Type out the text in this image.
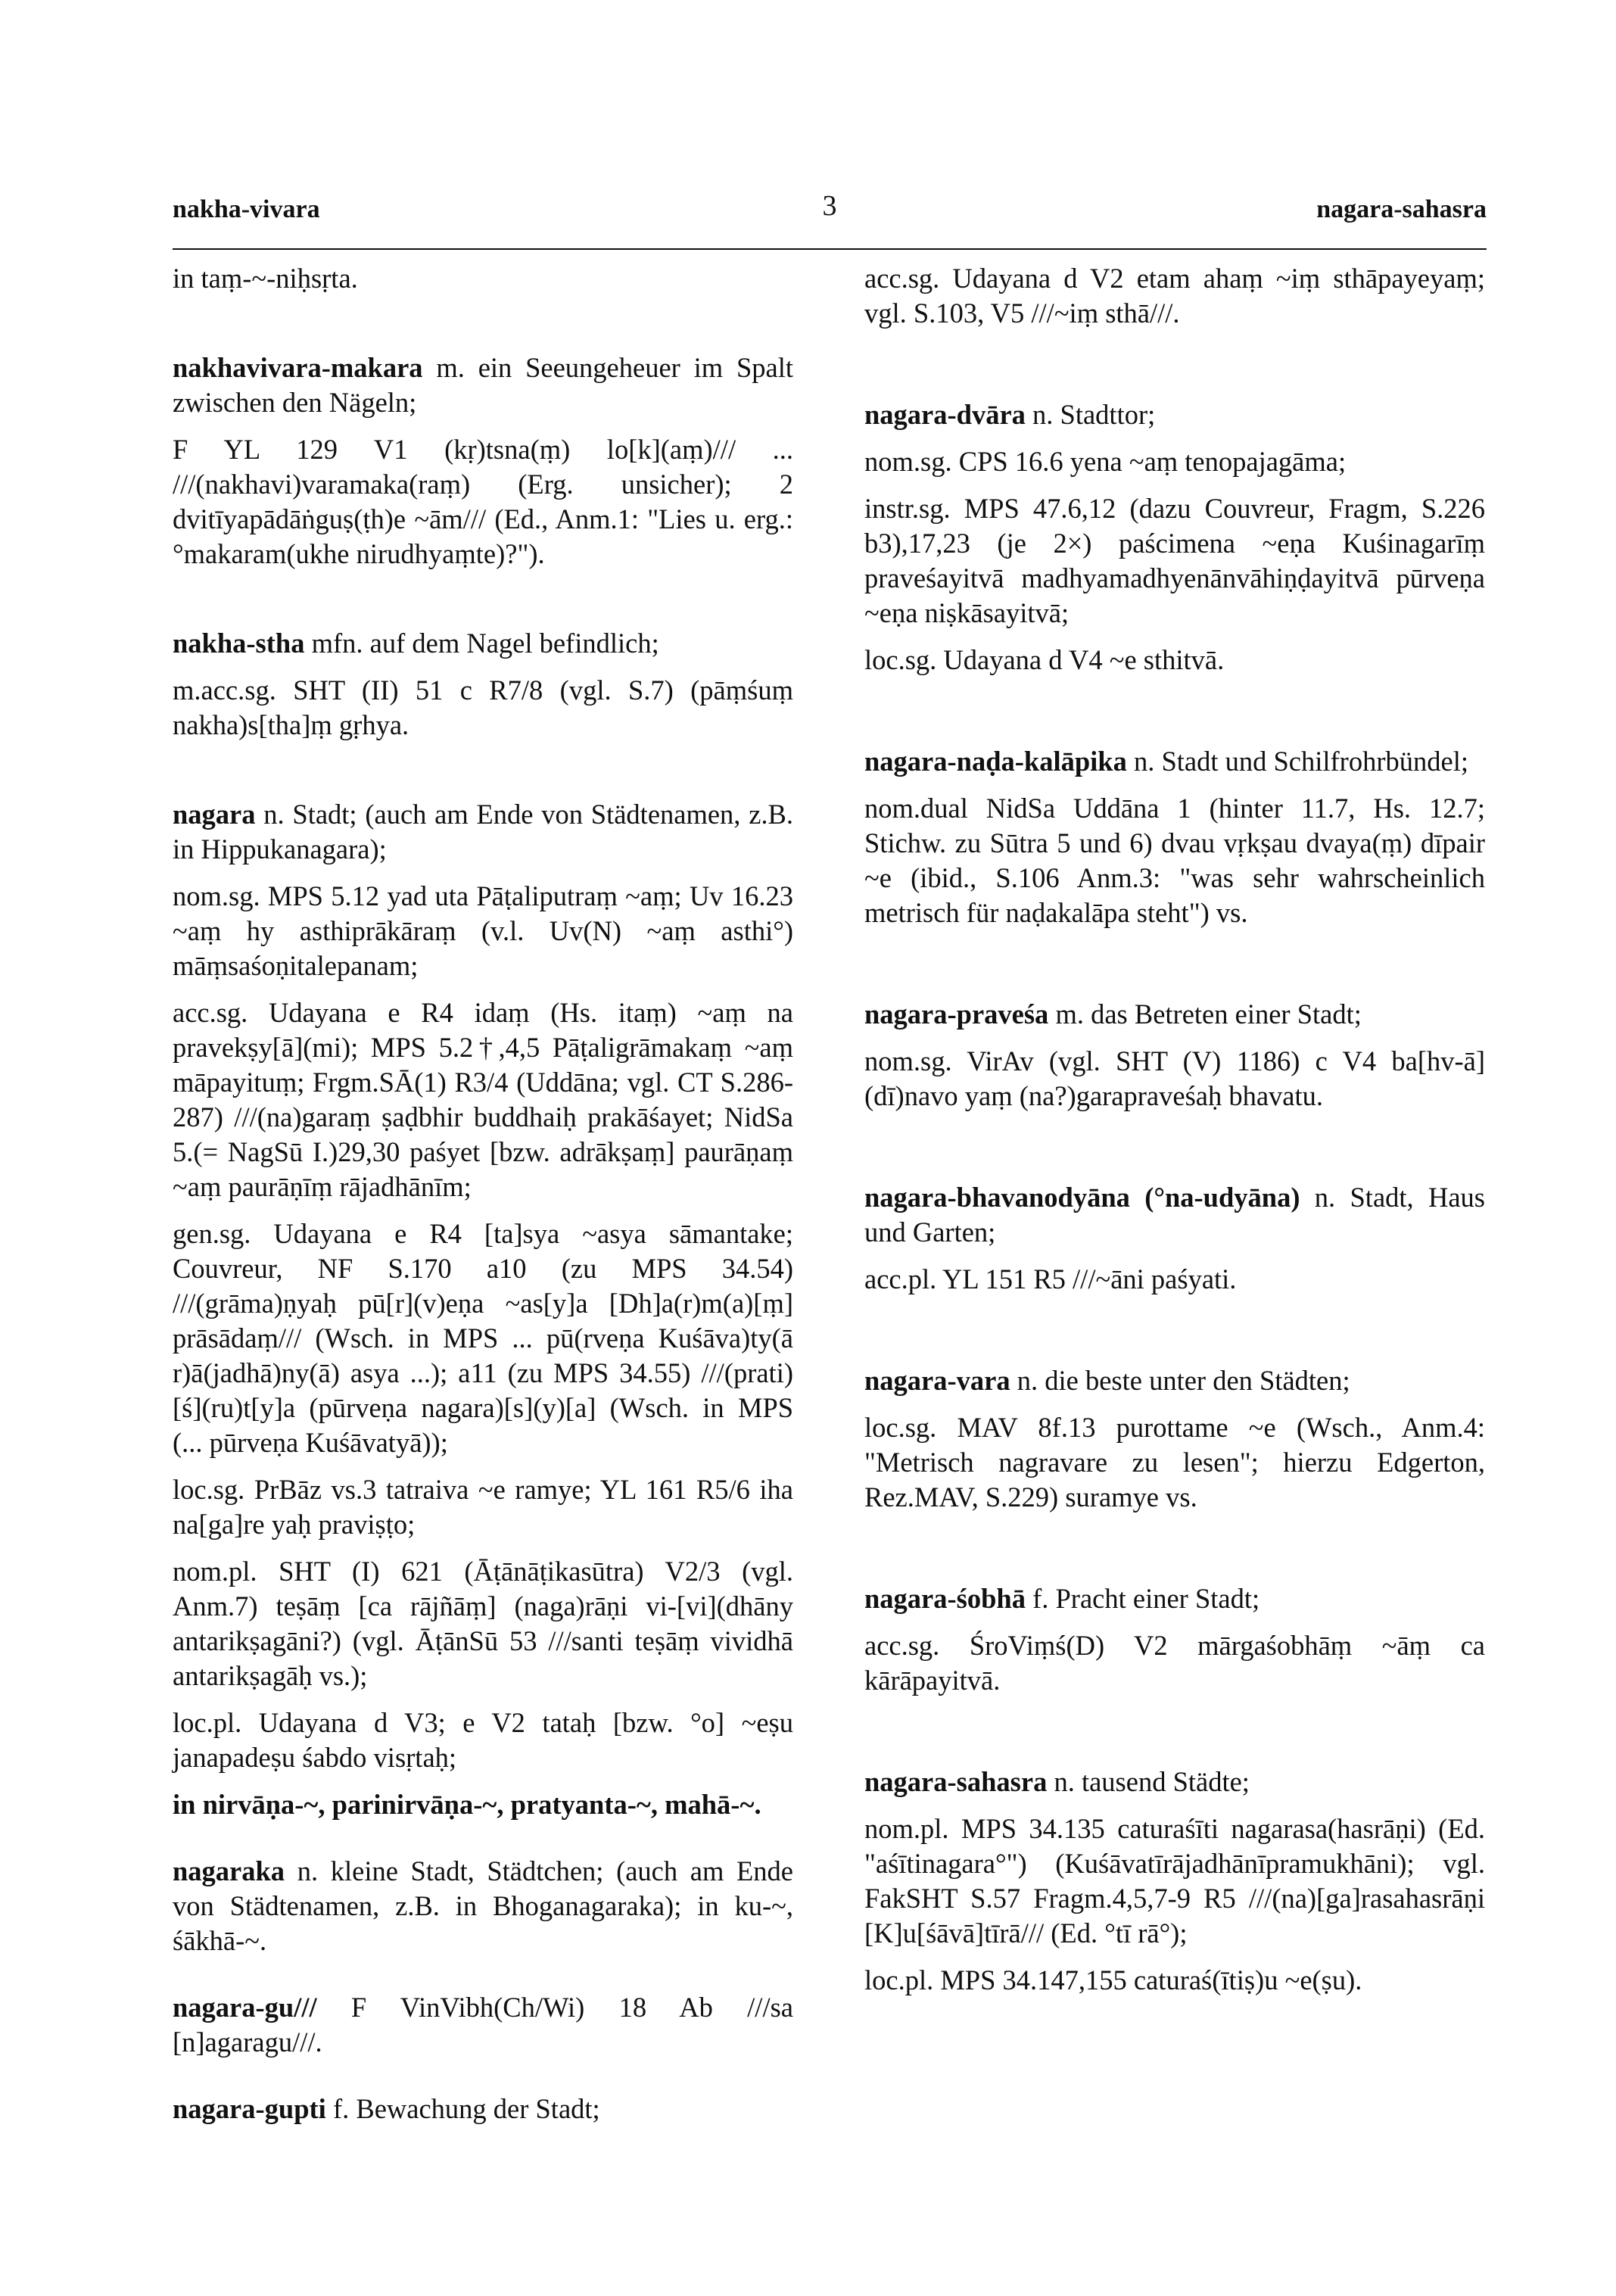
nakha-vivara	3	nagara-sahasra

in taṃ-~-niḥsṛta.

nakhavivara-makara m. ein Seeungeheuer im Spalt zwischen den Nägeln;

F YL 129 V1 (kṛ)tsna(ṃ) lo[k](aṃ)/// ... ///(nakhavi)varamaka(raṃ) (Erg. unsicher); 2 dvitīyapādāṅguṣ(ṭh)e ~ām/// (Ed., Anm.1: "Lies u. erg.: °makaram(ukhe nirudhyaṃte)?").

nakha-stha mfn. auf dem Nagel befindlich;

m.acc.sg. SHT (II) 51 c R7/8 (vgl. S.7) (pāṃśuṃ nakha)s[tha]ṃ gṛhya.

nagara n. Stadt; (auch am Ende von Städtenamen, z.B. in Hippukanagara);

nom.sg. MPS 5.12 yad uta Pāṭaliputraṃ ~aṃ; Uv 16.23 ~aṃ hy asthiprākāraṃ (v.l. Uv(N) ~aṃ asthi°) māṃsaśoṇitalepanam;

acc.sg. Udayana e R4 idaṃ (Hs. itaṃ) ~aṃ na pravekṣy[ā](mi); MPS 5.2†,4,5 Pāṭaligrāmakaṃ ~aṃ māpayituṃ; Frgm.SĀ(1) R3/4 (Uddāna; vgl. CT S.286-287) ///(na)garaṃ ṣaḍbhir buddhaiḥ prakāśayet; NidSa 5.(= NagSū I.)29,30 paśyet [bzw. adrākṣaṃ] paurāṇaṃ ~aṃ paurāṇīṃ rājadhānīm;

gen.sg. Udayana e R4 [ta]sya ~asya sāmantake; Couvreur, NF S.170 a10 (zu MPS 34.54) ///(grāma)ṇyaḥ pū[r](v)eṇa ~as[y]a [Dh]a(r)m(a)[ṃ] prāsādaṃ/// (Wsch. in MPS ... pū(rveṇa Kuśāva)ty(ā r)ā(jadhā)ny(ā) asya ...); a11 (zu MPS 34.55) ///(prati)[ś](ru)t[y]a (pūrveṇa nagara)[s](y)[a] (Wsch. in MPS (... pūrveṇa Kuśāvatyā));

loc.sg. PrBāz vs.3 tatraiva ~e ramye; YL 161 R5/6 iha na[ga]re yaḥ praviṣṭo;

nom.pl. SHT (I) 621 (Āṭānāṭikasūtra) V2/3 (vgl. Anm.7) teṣāṃ [ca rājñāṃ] (naga)rāṇi vi-[vi](dhāny antarikṣagāni?) (vgl. ĀṭānSū 53 ///santi teṣāṃ vividhā antarikṣagāḥ vs.);

loc.pl. Udayana d V3; e V2 tataḥ [bzw. °o] ~eṣu janapadeṣu śabdo visṛtaḥ;

in nirvāṇa-~, parinirvāṇa-~, pratyanta-~, mahā-~.

nagaraka n. kleine Stadt, Städtchen; (auch am Ende von Städtenamen, z.B. in Bhoganagaraka); in ku-~, śākhā-~.

nagara-gu/// F VinVibh(Ch/Wi) 18 Ab ///sa [n]agaragu///.

nagara-gupti f. Bewachung der Stadt;

acc.sg. Udayana d V2 etam ahaṃ ~iṃ sthāpayeyaṃ; vgl. S.103, V5 ///~iṃ sthā///.

nagara-dvāra n. Stadttor;

nom.sg. CPS 16.6 yena ~aṃ tenopajagāma;

instr.sg. MPS 47.6,12 (dazu Couvreur, Fragm, S.226 b3),17,23 (je 2×) paścimena ~eṇa Kuśinagarīṃ praveśayitvā madhyamadhyenānvāhiṇḍayitvā pūrveṇa ~eṇa niṣkāsayitvā;

loc.sg. Udayana d V4 ~e sthitvā.

nagara-naḍa-kalāpika n. Stadt und Schilfrohrbündel;

nom.dual NidSa Uddāna 1 (hinter 11.7, Hs. 12.7; Stichw. zu Sūtra 5 und 6) dvau vṛkṣau dvaya(ṃ) dīpair ~e (ibid., S.106 Anm.3: "was sehr wahrscheinlich metrisch für naḍakalāpa steht") vs.

nagara-praveśa m. das Betreten einer Stadt;

nom.sg. VirAv (vgl. SHT (V) 1186) c V4 ba[hv-ā](dī)navo yaṃ (na?)garapraveśaḥ bhavatu.

nagara-bhavanodyāna (°na-udyāna) n. Stadt, Haus und Garten;

acc.pl. YL 151 R5 ///~āni paśyati.

nagara-vara n. die beste unter den Städten;

loc.sg. MAV 8f.13 purottame ~e (Wsch., Anm.4: "Metrisch nagravare zu lesen"; hierzu Edgerton, Rez.MAV, S.229) suramye vs.

nagara-śobhā f. Pracht einer Stadt;

acc.sg. ŚroViṃś(D) V2 mārgaśobhāṃ ~āṃ ca kārāpayitvā.

nagara-sahasra n. tausend Städte;

nom.pl. MPS 34.135 caturaśīti nagarasa(hasrāṇi) (Ed. "aśītinagara°") (Kuśāvatīrājadhānīpramukhāni); vgl. FakSHT S.57 Fragm.4,5,7-9 R5 ///(na)[ga]rasahasrāṇi [K]u[śāvā]tīrā/// (Ed. °tī rā°);

loc.pl. MPS 34.147,155 caturaś(ītiṣ)u ~e(ṣu).
